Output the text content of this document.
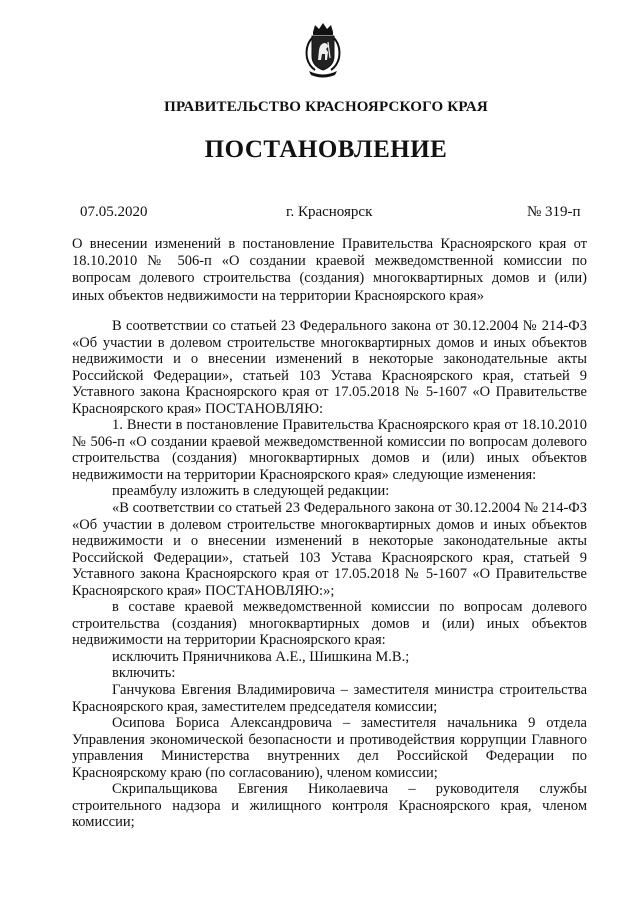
ПРАВИТЕЛЬСТВО КРАСНОЯРСКОГО КРАЯ
ПОСТАНОВЛЕНИЕ
07.05.2020	г. Красноярск	№ 319-п
О внесении изменений в постановление Правительства Красноярского края от 18.10.2010 № 506-п «О создании краевой межведомственной комиссии по вопросам долевого строительства (создания) многоквартирных домов и (или) иных объектов недвижимости на территории Красноярского края»

В соответствии со статьей 23 Федерального закона от 30.12.2004 № 214-ФЗ «Об участии в долевом строительстве многоквартирных домов и иных объектов недвижимости и о внесении изменений в некоторые законодательные акты Российской Федерации», статьей 103 Устава Красноярского края, статьей 9 Уставного закона Красноярского края от 17.05.2018 № 5-1607 «О Правительстве Красноярского края» ПОСТАНОВЛЯЮ:

1. Внести в постановление Правительства Красноярского края от 18.10.2010 № 506-п «О создании краевой межведомственной комиссии по вопросам долевого строительства (создания) многоквартирных домов и (или) иных объектов недвижимости на территории Красноярского края» следующие изменения:

преамбулу изложить в следующей редакции:

«В соответствии со статьей 23 Федерального закона от 30.12.2004 № 214-ФЗ «Об участии в долевом строительстве многоквартирных домов и иных объектов недвижимости и о внесении изменений в некоторые законодательные акты Российской Федерации», статьей 103 Устава Красноярского края, статьей 9 Уставного закона Красноярского края от 17.05.2018 № 5-1607 «О Правительстве Красноярского края» ПОСТАНОВЛЯЮ:»;

в составе краевой межведомственной комиссии по вопросам долевого строительства (создания) многоквартирных домов и (или) иных объектов недвижимости на территории Красноярского края:

исключить Пряничникова А.Е., Шишкина М.В.;

включить:

Ганчукова Евгения Владимировича – заместителя министра строительства Красноярского края, заместителем председателя комиссии;

Осипова Бориса Александровича – заместителя начальника 9 отдела Управления экономической безопасности и противодействия коррупции Главного управления Министерства внутренних дел Российской Федерации по Красноярскому краю (по согласованию), членом комиссии;

Скрипальщикова Евгения Николаевича – руководителя службы строительного надзора и жилищного контроля Красноярского края, членом комиссии;
